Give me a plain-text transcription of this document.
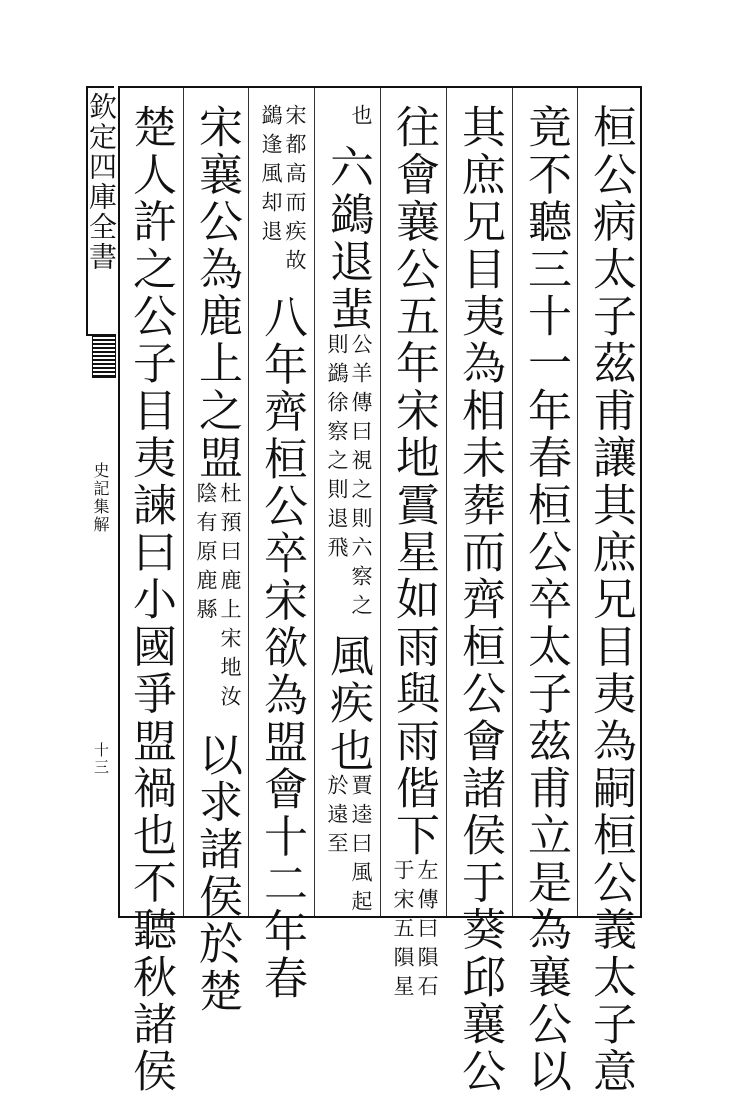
欽定四庫全書
史記集解
十三	桓公病太子茲甫讓其庶兄目夷為嗣桓公義太子意
竟不聽三十一年春桓公卒太子茲甫立是為襄公以
其庶兄目夷為相未葬而齊桓公會諸侯于葵邱襄公
往會襄公五年宋地霣星如雨與雨偕下左傳曰隕石于宋五隕星
也六鷁退蜚公羊傳曰視之則六察之則鷁徐察之則退飛風疾也賈逵曰風起於遠至
宋都高而疾故鷁逢風却退八年齊桓公卒宋欲為盟會十二年春
宋襄公為鹿上之盟杜預曰鹿上宋地汝陰有原鹿縣以求諸侯於楚
楚人許之公子目夷諫曰小國爭盟禍也不聽秋諸侯
